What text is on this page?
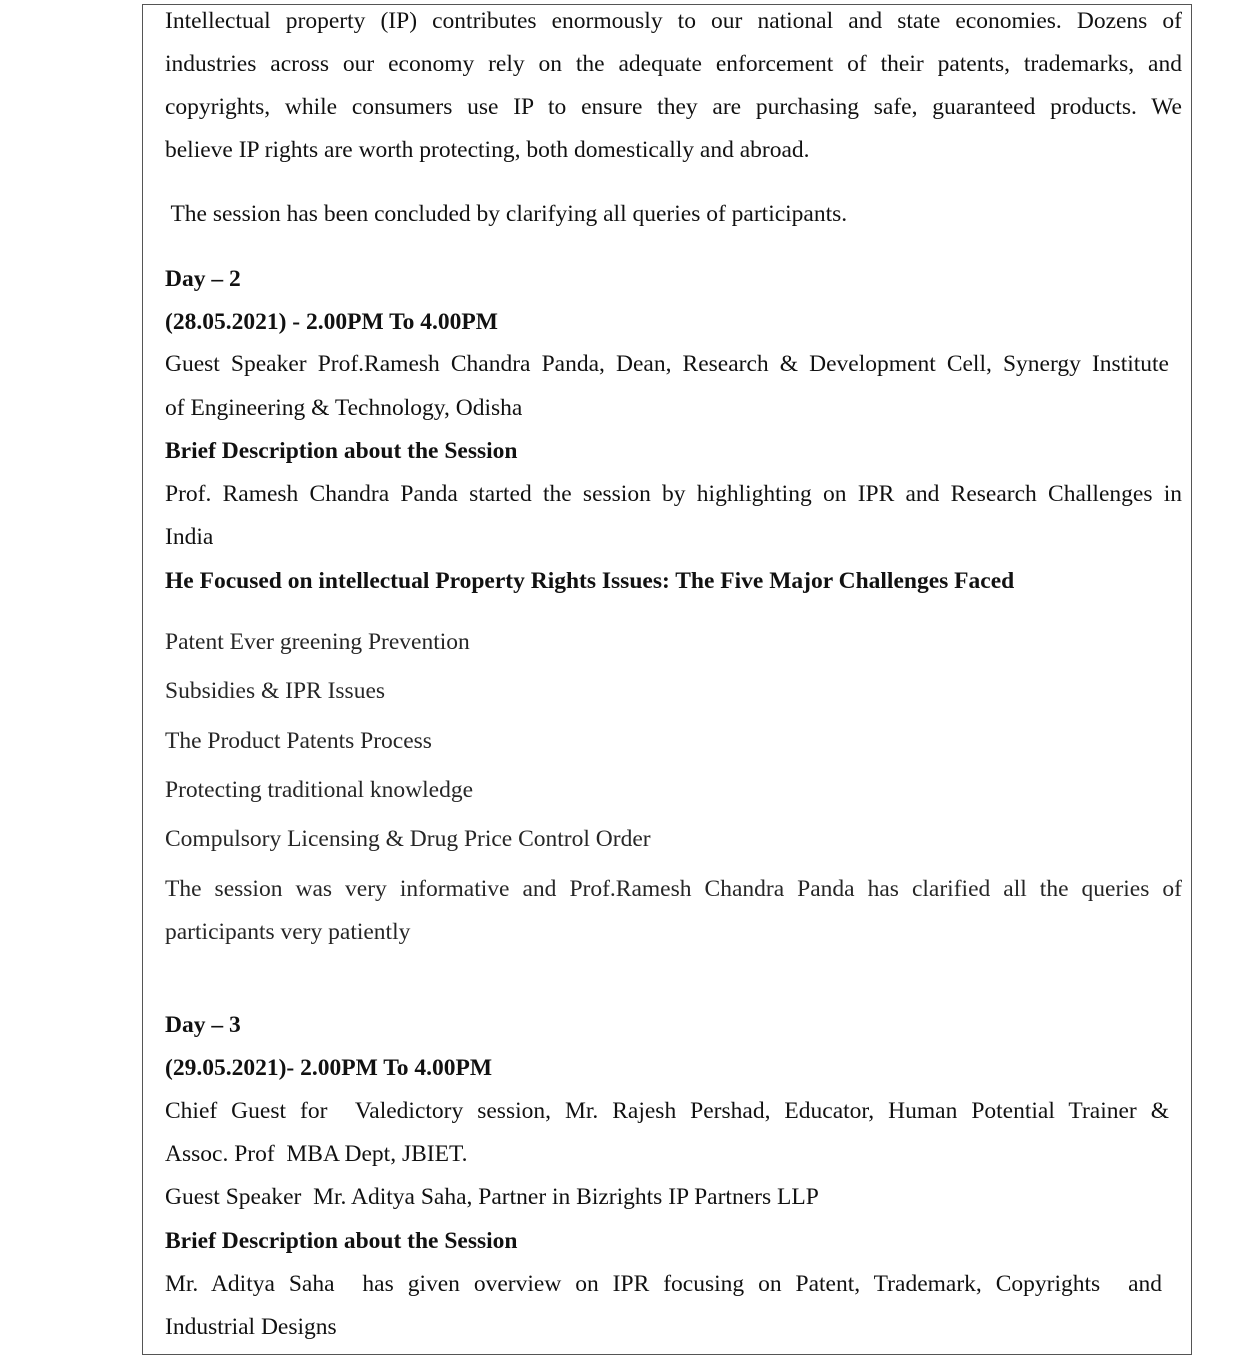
Intellectual property (IP) contributes enormously to our national and state economies. Dozens of
industries across our economy rely on the adequate enforcement of their patents, trademarks, and
copyrights, while consumers use IP to ensure they are purchasing safe, guaranteed products. We
believe IP rights are worth protecting, both domestically and abroad.
The session has been concluded by clarifying all queries of participants.
Day – 2
(28.05.2021) - 2.00PM To 4.00PM
Guest Speaker Prof.Ramesh Chandra Panda, Dean, Research & Development Cell, Synergy Institute
of Engineering & Technology, Odisha
Brief Description about the Session
Prof. Ramesh Chandra Panda started the session by highlighting on IPR and Research Challenges in
India
He Focused on intellectual Property Rights Issues: The Five Major Challenges Faced
Patent Ever greening Prevention
Subsidies & IPR Issues
The Product Patents Process
Protecting traditional knowledge
Compulsory Licensing & Drug Price Control Order
The session was very informative and Prof.Ramesh Chandra Panda has clarified all the queries of
participants very patiently
Day – 3
(29.05.2021)- 2.00PM To 4.00PM
Chief Guest for  Valedictory session, Mr. Rajesh Pershad, Educator, Human Potential Trainer &
Assoc. Prof  MBA Dept, JBIET.
Guest Speaker  Mr. Aditya Saha, Partner in Bizrights IP Partners LLP
Brief Description about the Session
Mr. Aditya Saha  has given overview on IPR focusing on Patent, Trademark, Copyrights  and
Industrial Designs
